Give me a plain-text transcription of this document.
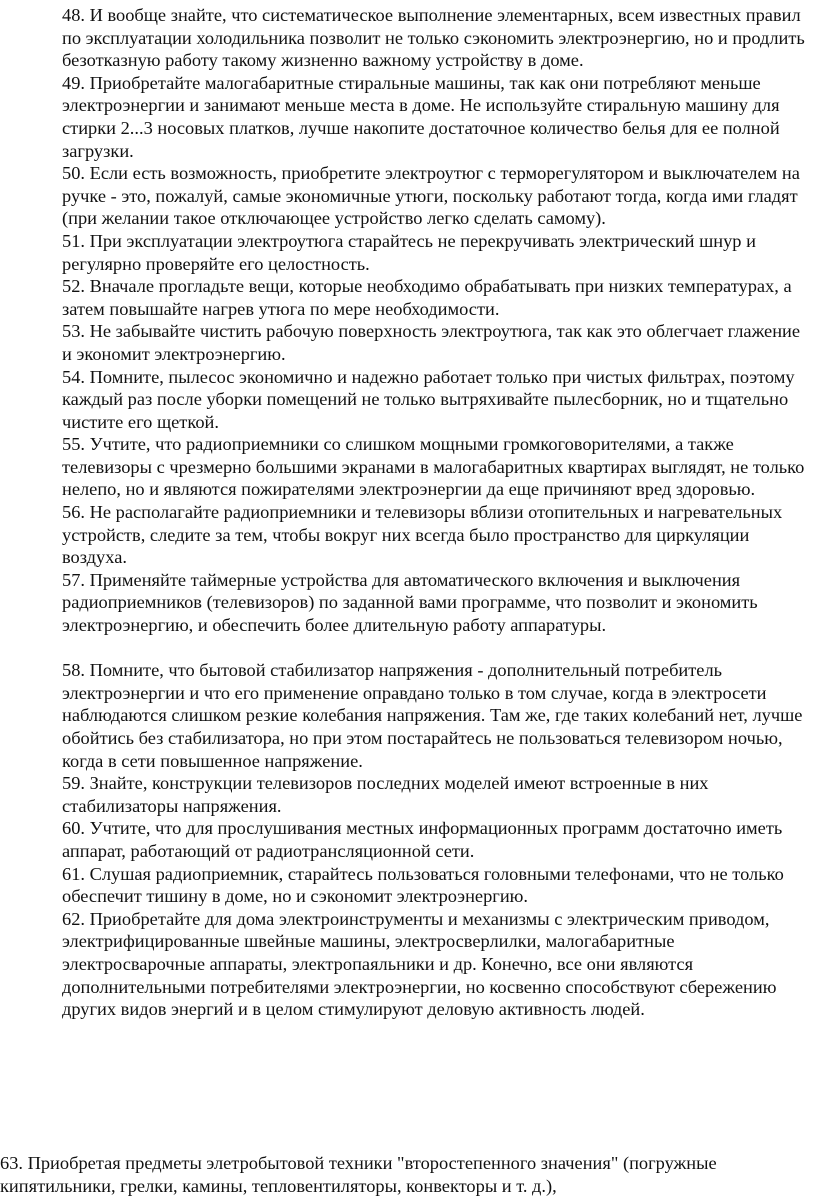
48. И вообще знайте, что систематическое выполнение элементарных, всем известных правил по эксплуатации холодильника позволит не только сэкономить электроэнергию, но и продлить безотказную работу такому жизненно важному устройству в доме.

49. Приобретайте малогабаритные стиральные машины, так как они потребляют меньше электроэнергии и занимают меньше места в доме. Не используйте стиральную машину для стирки 2...3 носовых платков, лучше накопите достаточное количество белья для ее полной загрузки.

50. Если есть возможность, приобретите электроутюг с терморегулятором и выключателем на ручке - это, пожалуй, самые экономичные утюги, поскольку работают тогда, когда ими гладят (при желании такое отключающее устройство легко сделать самому).

51. При эксплуатации электроутюга старайтесь не перекручивать электрический шнур и регулярно проверяйте его целостность.

52. Вначале прогладьте вещи, которые необходимо обрабатывать при низких температурах, а затем повышайте нагрев утюга по мере необходимости.

53. Не забывайте чистить рабочую поверхность электроутюга, так как это облегчает глажение и экономит электроэнергию.

54. Помните, пылесос экономично и надежно работает только при чистых фильтрах, поэтому каждый раз после уборки помещений не только вытряхивайте пылесборник, но и тщательно чистите его щеткой.

55. Учтите, что радиоприемники со слишком мощными громкоговорителями, а также телевизоры с чрезмерно большими экранами в малогабаритных квартирах выглядят, не только нелепо, но и являются пожирателями электроэнергии да еще причиняют вред здоровью.

56. Не располагайте радиоприемники и телевизоры вблизи отопительных и нагревательных устройств, следите за тем, чтобы вокруг них всегда было пространство для циркуляции воздуха.

57. Применяйте таймерные устройства для автоматического включения и выключения радиоприемников (телевизоров) по заданной вами программе, что позволит и экономить электроэнергию, и обеспечить более длительную работу аппаратуры.

58. Помните, что бытовой стабилизатор напряжения - дополнительный потребитель электроэнергии и что его применение оправдано только в том случае, когда в электросети наблюдаются слишком резкие колебания напряжения. Там же, где таких колебаний нет, лучше обойтись без стабилизатора, но при этом постарайтесь не пользоваться телевизором ночью, когда в сети повышенное напряжение.

59. Знайте, конструкции телевизоров последних моделей имеют встроенные в них стабилизаторы напряжения.

60. Учтите, что для прослушивания местных информационных программ достаточно иметь аппарат, работающий от радиотрансляционной сети.

61. Слушая радиоприемник, старайтесь пользоваться головными телефонами, что не только обеспечит тишину в доме, но и сэкономит электроэнергию.

62. Приобретайте для дома электроинструменты и механизмы с электрическим приводом, электрифицированные швейные машины, электросверлилки, малогабаритные электросварочные аппараты, электропаяльники и др. Конечно, все они являются дополнительными потребителями электроэнергии, но косвенно способствуют сбережению других видов энергий и в целом стимулируют деловую активность людей.

63. Приобретая предметы элетробытовой техники "второстепенного значения" (погружные кипятильники, грелки, камины, тепловентиляторы, конвекторы и т. д.),
